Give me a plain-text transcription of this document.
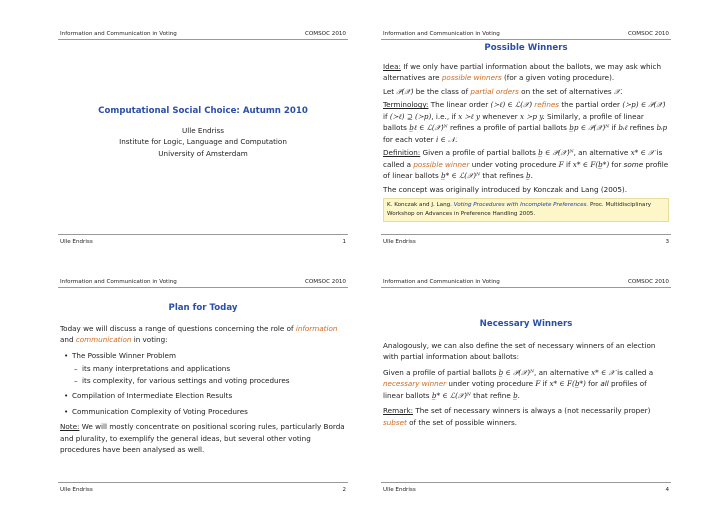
Information and Communication in Voting	COMSOC 2010
Computational Social Choice: Autumn 2010
Ulle Endriss
Institute for Logic, Language and Computation
University of Amsterdam
Ulle Endriss	1
Information and Communication in Voting	COMSOC 2010
Possible Winners

Idea: If we only have partial information about the ballots, we may ask which alternatives are possible winners (for a given voting procedure).

Let 𝒫(𝒳) be the class of partial orders on the set of alternatives 𝒳.

Terminology: The linear order (≻ℓ) ∈ ℒ(𝒳) refines the partial order (≻p) ∈ 𝒫(𝒳) if (≻ℓ) ⊇ (≻p), i.e., if x ≻ℓ y whenever x ≻p y. Similarly, a profile of linear ballots b̲ℓ ∈ ℒ(𝒳)ᴺ refines a profile of partial ballots b̲p ∈ 𝒫(𝒳)ᴺ if bᵢℓ refines bᵢp for each voter i ∈ 𝒩.

Definition: Given a profile of partial ballots b̲ ∈ 𝒫(𝒳)ᴺ, an alternative x* ∈ 𝒳 is called a possible winner under voting procedure F if x* ∈ F(b̲*) for some profile of linear ballots b̲* ∈ ℒ(𝒳)ᴺ that refines b̲.

The concept was originally introduced by Konczak and Lang (2005).

K. Konczak and J. Lang. Voting Procedures with Incomplete Preferences. Proc. Multidisciplinary Workshop on Advances in Preference Handling 2005.
Ulle Endriss	3
Information and Communication in Voting	COMSOC 2010
Plan for Today

Today we will discuss a range of questions concerning the role of information and communication in voting:

• The Possible Winner Problem
– its many interpretations and applications
– its complexity, for various settings and voting procedures
• Compilation of Intermediate Election Results
• Communication Complexity of Voting Procedures

Note: We will mostly concentrate on positional scoring rules, particularly Borda and plurality, to exemplify the general ideas, but several other voting procedures have been analysed as well.

Ulle Endriss	2
Information and Communication in Voting	COMSOC 2010
Necessary Winners

Analogously, we can also define the set of necessary winners of an election with partial information about ballots:

Given a profile of partial ballots b̲ ∈ 𝒫(𝒳)ᴺ, an alternative x* ∈ 𝒳 is called a necessary winner under voting procedure F if x* ∈ F(b̲*) for all profiles of linear ballots b̲* ∈ ℒ(𝒳)ᴺ that refine b̲.

Remark: The set of necessary winners is always a (not necessarily proper) subset of the set of possible winners.

Ulle Endriss	4
